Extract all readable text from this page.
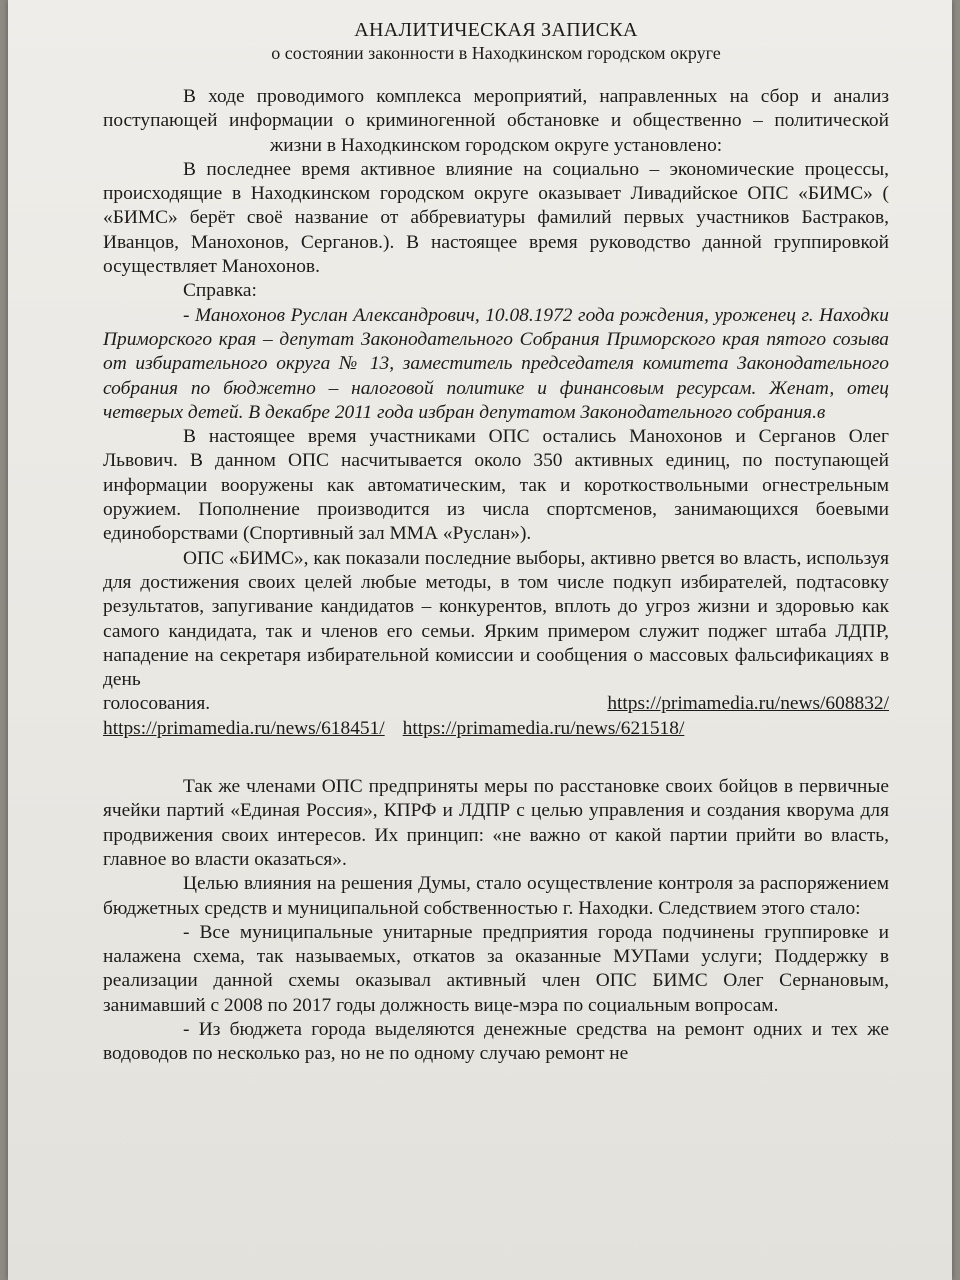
АНАЛИТИЧЕСКАЯ ЗАПИСКА
о состоянии законности в Находкинском городском округе

В ходе проводимого комплекса мероприятий, направленных на сбор и анализ поступающей информации о криминогенной обстановке и общественно – политической жизни в Находкинском городском округе установлено:

В последнее время активное влияние на социально – экономические процессы, происходящие в Находкинском городском округе оказывает Ливадийское ОПС «БИМС» ( «БИМС» берёт своё название от аббревиатуры фамилий первых участников Бастраков, Иванцов, Манохонов, Серганов.). В настоящее время руководство данной группировкой осуществляет Манохонов.

Справка:

- Манохонов Руслан Александрович, 10.08.1972 года рождения, уроженец г. Находки Приморского края – депутат Законодательного Собрания Приморского края пятого созыва от избирательного округа № 13, заместитель председателя комитета Законодательного собрания по бюджетно – налоговой политике и финансовым ресурсам. Женат, отец четверых детей. В декабре 2011 года избран депутатом Законодательного собрания.в

В настоящее время участниками ОПС остались Манохонов и Серганов Олег Львович. В данном ОПС насчитывается около 350 активных единиц, по поступающей информации вооружены как автоматическим, так и короткоствольными огнестрельным оружием. Пополнение производится из числа спортсменов, занимающихся боевыми единоборствами (Спортивный зал ММА «Руслан»).

ОПС «БИМС», как показали последние выборы, активно рвется во власть, используя для достижения своих целей любые методы, в том числе подкуп избирателей, подтасовку результатов, запугивание кандидатов – конкурентов, вплоть до угроз жизни и здоровью как самого кандидата, так и членов его семьи. Ярким примером служит поджег штаба ЛДПР, нападение на секретаря избирательной комиссии и сообщения о массовых фальсификациях в день

голосования.	https://primamedia.ru/news/608832/
https://primamedia.ru/news/618451/ https://primamedia.ru/news/621518/

Так же членами ОПС предприняты меры по расстановке своих бойцов в первичные ячейки партий «Единая Россия», КПРФ и ЛДПР с целью управления и создания кворума для продвижения своих интересов. Их принцип: «не важно от какой партии прийти во власть, главное во власти оказаться».

Целью влияния на решения Думы, стало осуществление контроля за распоряжением бюджетных средств и муниципальной собственностью г. Находки. Следствием этого стало:

- Все муниципальные унитарные предприятия города подчинены группировке и налажена схема, так называемых, откатов за оказанные МУПами услуги; Поддержку в реализации данной схемы оказывал активный член ОПС БИМС Олег Сернановым, занимавший с 2008 по 2017 годы должность вице-мэра по социальным вопросам.

- Из бюджета города выделяются денежные средства на ремонт одних и тех же водоводов по несколько раз, но не по одному случаю ремонт не
